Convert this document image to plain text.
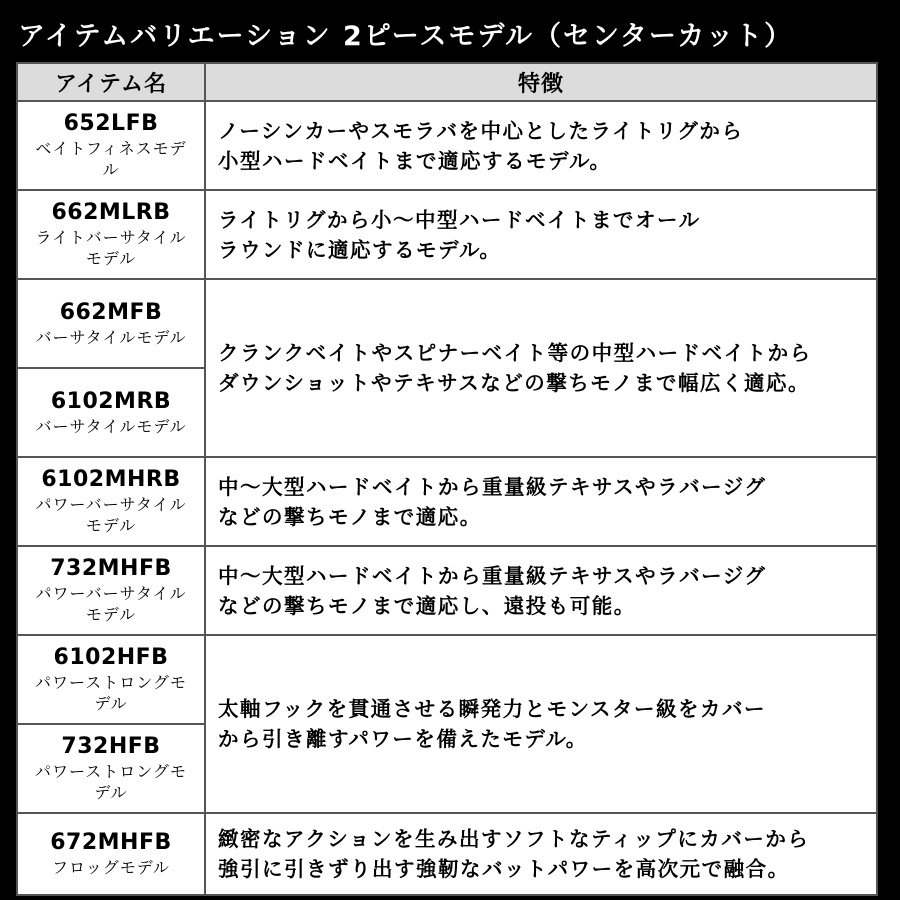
アイテムバリエーション 2ピースモデル（センターカット）
アイテム名	特徴

652LFB
ベイトフィネスモデル	ノーシンカーやスモラバを中心としたライトリグから
小型ハードベイトまで適応するモデル。

662MLRB
ライトバーサタイルモデル	ライトリグから小〜中型ハードベイトまでオール
ラウンドに適応するモデル。

662MFB
バーサタイルモデル	クランクベイトやスピナーベイト等の中型ハードベイトから
ダウンショットやテキサスなどの撃ちモノまで幅広く適応。

6102MRB
バーサタイルモデル	

6102MHRB
パワーバーサタイルモデル	中〜大型ハードベイトから重量級テキサスやラバージグ
などの撃ちモノまで適応。

732MHFB
パワーバーサタイルモデル	中〜大型ハードベイトから重量級テキサスやラバージグ
などの撃ちモノまで適応し、遠投も可能。

6102HFB
パワーストロングモデル	太軸フックを貫通させる瞬発力とモンスター級をカバー
から引き離すパワーを備えたモデル。

732HFB
パワーストロングモデル	

672MHFB
フロッグモデル	緻密なアクションを生み出すソフトなティップにカバーから
強引に引きずり出す強靭なバットパワーを高次元で融合。
